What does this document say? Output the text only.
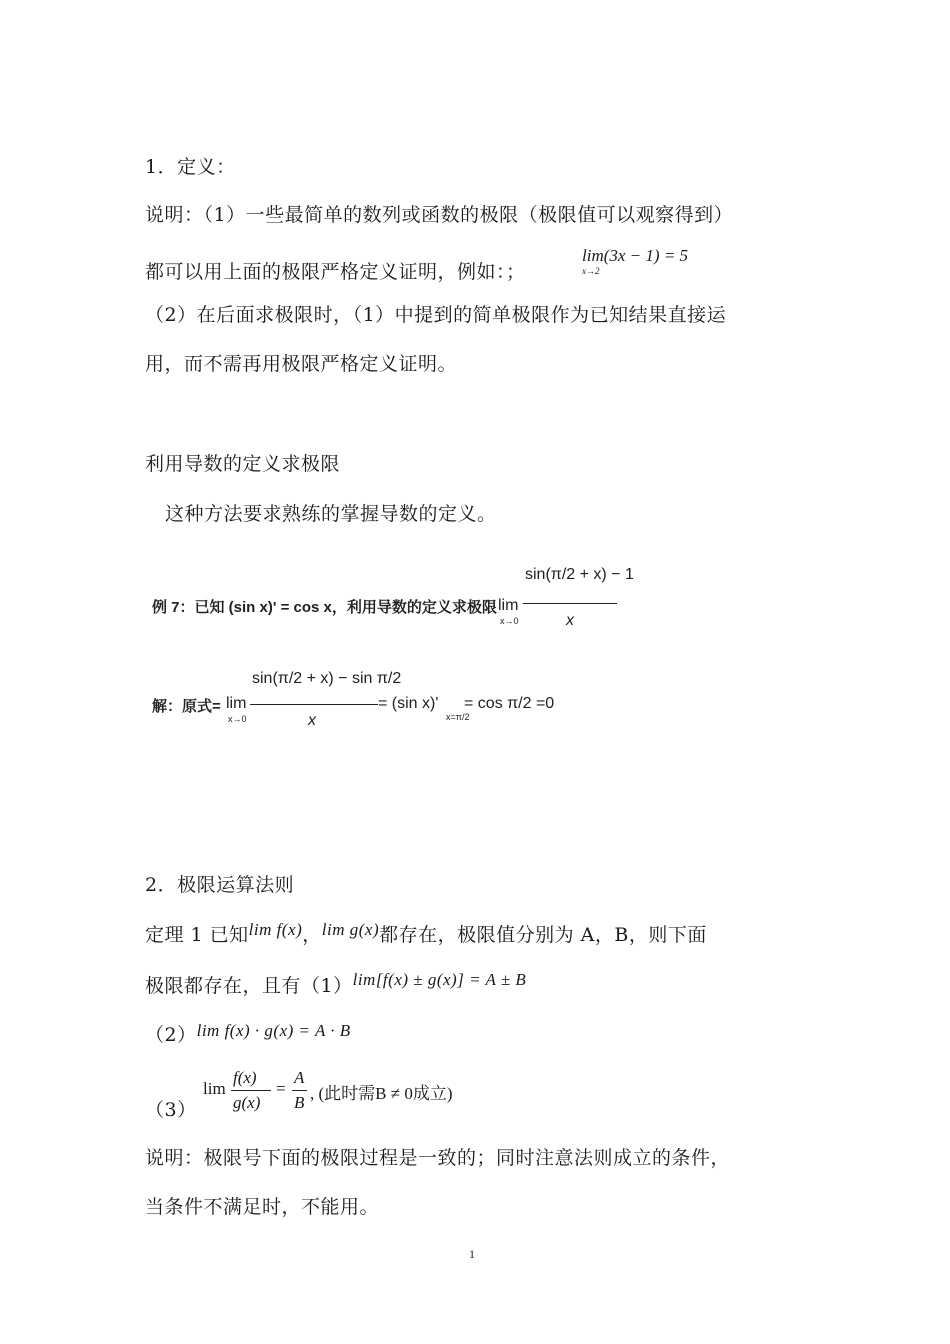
1．定义：
说明：（1）一些最简单的数列或函数的极限（极限值可以观察得到）
都可以用上面的极限严格定义证明，例如：；
lim(3x − 1) = 5
x→2
（2）在后面求极限时，（1）中提到的简单极限作为已知结果直接运
用，而不需再用极限严格定义证明。
利用导数的定义求极限
这种方法要求熟练的掌握导数的定义。
例 7：已知 (sin x)' = cos x，利用导数的定义求极限 lim
x→0
sin(π/2 + x) − 1
x
解：原式= lim
x→0
sin(π/2 + x) − sin π/2
x
= (sin x)'
x=π/2
= cos π/2 =0
2．极限运算法则
定理 1 已知lim f(x)，lim g(x)都存在，极限值分别为 A，B，则下面
极限都存在，且有（1）lim[f(x) ± g(x)] = A ± B
（2）lim f(x) · g(x) = A · B
（3）
lim
f(x)
g(x)
=
A
B , (此时需B ≠ 0成立)
说明：极限号下面的极限过程是一致的；同时注意法则成立的条件，
当条件不满足时，不能用。
1
